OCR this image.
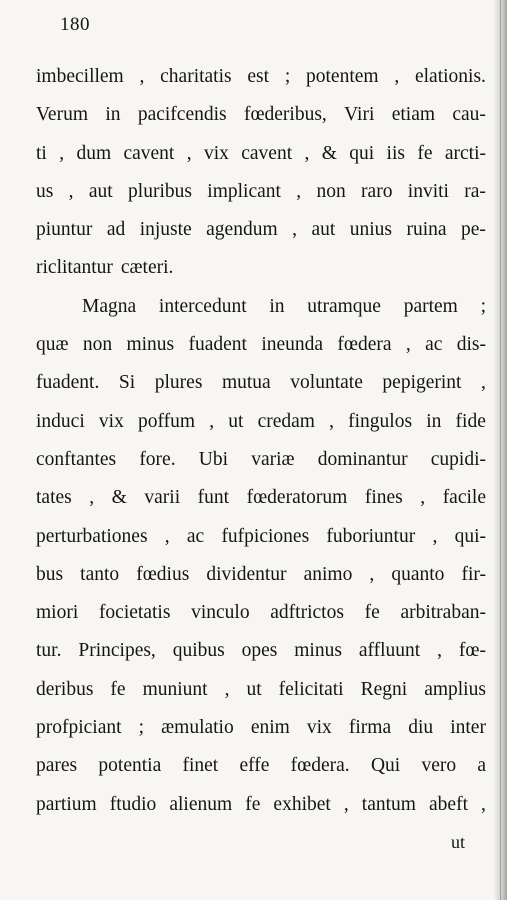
180
imbecillem , charitatis est ; potentem , elationis.
Verum in pacifcendis fœderibus, Viri etiam cau-
ti , dum cavent , vix cavent , & qui iis fe arcti-
us , aut pluribus implicant , non raro inviti ra-
piuntur ad injuste agendum , aut unius ruina pe-
riclitantur cæteri.
Magna intercedunt in utramque partem ;
quæ non minus fuadent ineunda fœdera , ac dis-
fuadent. Si plures mutua voluntate pepigerint ,
induci vix poffum , ut credam , fingulos in fide
conftantes fore. Ubi variæ dominantur cupidi-
tates , & varii funt fœderatorum fines , facile
perturbationes , ac fufpiciones fuboriuntur , qui-
bus tanto fœdius dividentur animo , quanto fir-
miori focietatis vinculo adftrictos fe arbitraban-
tur. Principes, quibus opes minus affluunt , fœ-
deribus fe muniunt , ut felicitati Regni amplius
profpiciant ; æmulatio enim vix firma diu inter
pares potentia finet effe fœdera. Qui vero a
partium ftudio alienum fe exhibet , tantum abeft ,
ut
